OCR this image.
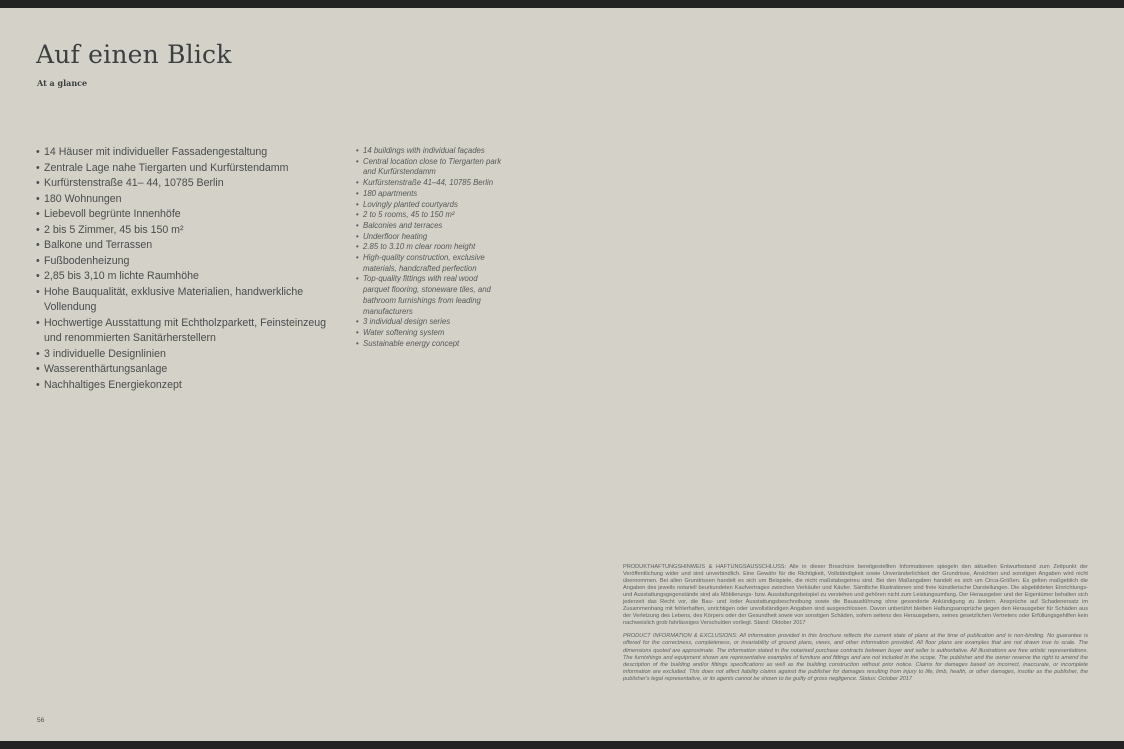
Auf einen Blick
At a glance
• 14 Häuser mit individueller Fassadengestaltung
• Zentrale Lage nahe Tiergarten und Kurfürstendamm
• Kurfürstenstraße 41– 44, 10785 Berlin
• 180 Wohnungen
• Liebevoll begrünte Innenhöfe
• 2 bis 5 Zimmer, 45 bis 150 m²
• Balkone und Terrassen
• Fußbodenheizung
• 2,85 bis 3,10 m lichte Raumhöhe
• Hohe Bauqualität, exklusive Materialien, handwerkliche Vollendung
• Hochwertige Ausstattung mit Echtholzparkett, Feinsteinzeug und renommierten Sanitärherstellern
• 3 individuelle Designlinien
• Wasserenthärtungsanlage
• Nachhaltiges Energiekonzept
• 14 buildings with individual façades
• Central location close to Tiergarten park and Kurfürstendamm
• Kurfürstenstraße 41–44, 10785 Berlin
• 180 apartments
• Lovingly planted courtyards
• 2 to 5 rooms, 45 to 150 m²
• Balconies and terraces
• Underfloor heating
• 2.85 to 3.10 m clear room height
• High-quality construction, exclusive materials, handcrafted perfection
• Top-quality fittings with real wood parquet flooring, stoneware tiles, and bathroom furnishings from leading manufacturers
• 3 individual design series
• Water softening system
• Sustainable energy concept

PRODUKTHAFTUNGSHINWEIS & HAFTUNGSAUSSCHLUSS: Alle in dieser Broschüre bereitgestellten Informationen spiegeln den aktuellen Entwurfsstand zum Zeitpunkt der Veröffentlichung wider und sind unverbindlich. Eine Gewähr für die Richtigkeit, Vollständigkeit sowie Unveränderlichkeit der Grundrisse, Ansichten und sonstigen Angaben wird nicht übernommen. Bei allen Grundrissen handelt es sich um Beispiele, die nicht maßstabsgetreu sind. Bei den Maßangaben handelt es sich um Circa-Größen. Es gelten maßgeblich die Angaben des jeweils notariell beurkundeten Kaufvertrages zwischen Verkäufer und Käufer. Sämtliche Illustrationen sind freie künstlerische Darstellungen. Die abgebildeten Einrichtungs- und Ausstattungsgegenstände sind als Möblierungs- bzw. Ausstattungsbeispiel zu verstehen und gehören nicht zum Leistungsumfang. Der Herausgeber und der Eigentümer behalten sich jederzeit das Recht vor, die Bau- und /oder Ausstattungsbeschreibung sowie die Bauausführung ohne gesonderte Ankündigung zu ändern. Ansprüche auf Schadenersatz im Zusammenhang mit fehlerhaften, unrichtigen oder unvollständigen Angaben sind ausgeschlossen. Davon unberührt bleiben Haftungsansprüche gegen den Herausgeber für Schäden aus der Verletzung des Lebens, des Körpers oder der Gesundheit sowie von sonstigen Schäden, sofern seitens des Herausgebers, seines gesetzlichen Vertreters oder Erfüllungsgehilfen kein nachweislich grob fahrlässiges Verschulden vorliegt. Stand: Oktober 2017

PRODUCT INFORMATION & EXCLUSIONS: All information provided in this brochure reflects the current state of plans at the time of publication and is non-binding. No guarantee is offered for the correctness, completeness, or invariability of ground plans, views, and other information provided. All floor plans are examples that are not drawn true to scale. The dimensions quoted are approximate. The information stated in the notarised purchase contracts between buyer and seller is authoritative. All illustrations are free artistic representations. The furnishings and equipment shown are representative examples of furniture and fittings and are not included in the scope. The publisher and the owner reserve the right to amend the description of the building and/or fittings specifications as well as the building construction without prior notice. Claims for damages based on incorrect, inaccurate, or incomplete information are excluded. This does not affect liability claims against the publisher for damages resulting from injury to life, limb, health, or other damages, insofar as the publisher, the publisher's legal representative, or its agents cannot be shown to be guilty of gross negligence. Status: October 2017

56
